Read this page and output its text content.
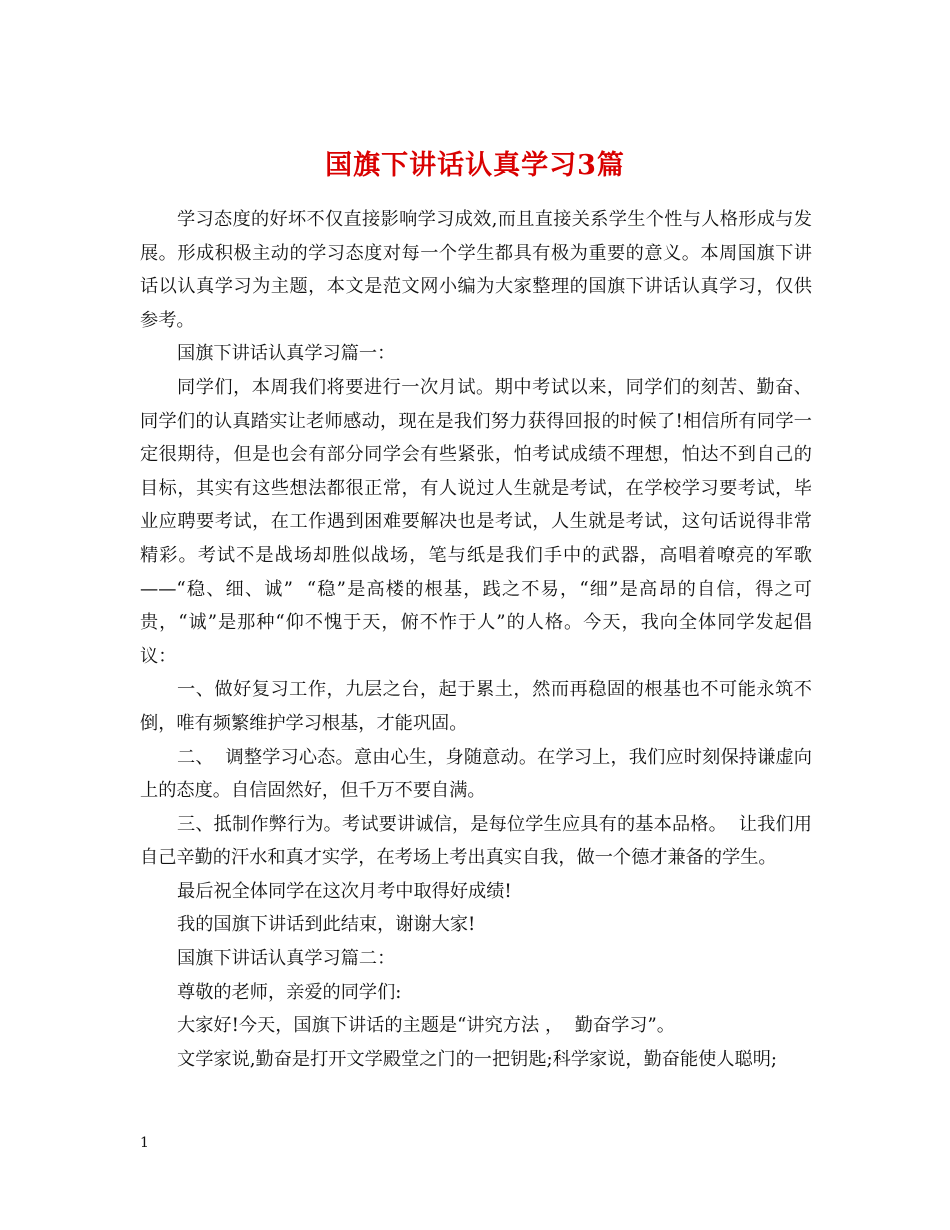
国旗下讲话认真学习3篇

学习态度的好坏不仅直接影响学习成效,而且直接关系学生个性与人格形成与发展。形成积极主动的学习态度对每一个学生都具有极为重要的意义。本周国旗下讲话以认真学习为主题，本文是范文网小编为大家整理的国旗下讲话认真学习，仅供参考。

国旗下讲话认真学习篇一：

同学们，本周我们将要进行一次月试。期中考试以来，同学们的刻苦、勤奋、同学们的认真踏实让老师感动，现在是我们努力获得回报的时候了!相信所有同学一定很期待，但是也会有部分同学会有些紧张，怕考试成绩不理想，怕达不到自己的目标，其实有这些想法都很正常，有人说过人生就是考试，在学校学习要考试，毕业应聘要考试，在工作遇到困难要解决也是考试，人生就是考试，这句话说得非常精彩。考试不是战场却胜似战场，笔与纸是我们手中的武器，高唱着嘹亮的军歌——“稳、细、诚”  “稳”是高楼的根基，践之不易，“细”是高昂的自信，得之可贵，“诚”是那种“仰不愧于天，俯不怍于人”的人格。今天，我向全体同学发起倡议：

一、做好复习工作，九层之台，起于累土，然而再稳固的根基也不可能永筑不倒，唯有频繁维护学习根基，才能巩固。

二、  调整学习心态。意由心生，身随意动。在学习上，我们应时刻保持谦虚向上的态度。自信固然好，但千万不要自满。

三、抵制作弊行为。考试要讲诚信，是每位学生应具有的基本品格。  让我们用自己辛勤的汗水和真才实学，在考场上考出真实自我，做一个德才兼备的学生。

最后祝全体同学在这次月考中取得好成绩!

我的国旗下讲话到此结束，谢谢大家!

国旗下讲话认真学习篇二：

尊敬的老师，亲爱的同学们:

大家好!今天，国旗下讲话的主题是“讲究方法 ，  勤奋学习”。

文学家说,勤奋是打开文学殿堂之门的一把钥匙;科学家说，勤奋能使人聪明;

1
